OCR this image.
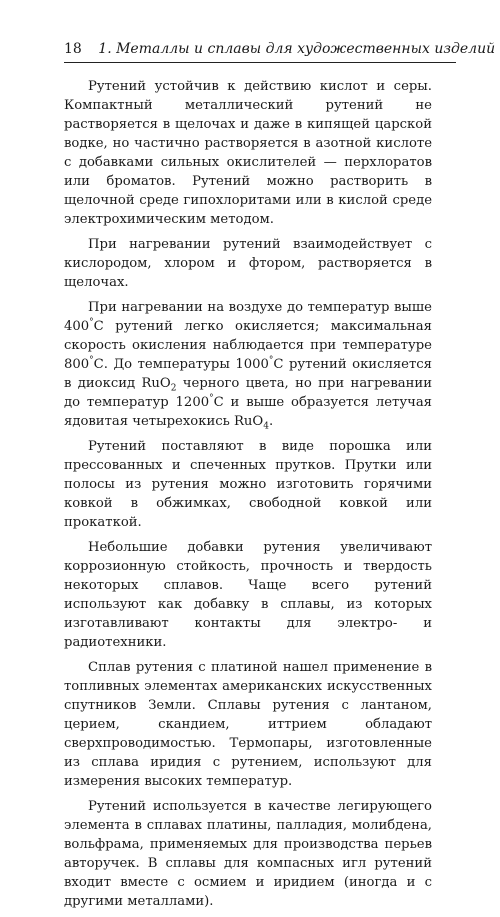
18 1. Металлы и сплавы для художественных изделий

Рутений устойчив к действию кислот и серы. Компактный металлический рутений не растворяется в щелочах и даже в кипящей царской водке, но частично растворяется в азотной кислоте с добавками сильных окислителей — перхлоратов или броматов. Рутений можно растворить в щелочной среде гипохлоритами или в кислой среде электрохимическим методом.

При нагревании рутений взаимодействует с кислородом, хлором и фтором, растворяется в щелочах.

При нагревании на воздухе до температур выше 400°С рутений легко окисляется; максимальная скорость окисления наблюдается при температуре 800°С. До температуры 1000°С рутений окисляется в диоксид RuO$_2$ черного цвета, но при нагревании до температур 1200°С и выше образуется летучая ядовитая четырехокись RuO$_4$.

Рутений поставляют в виде порошка или прессованных и спеченных прутков. Прутки или полосы из рутения можно изготовить горячими ковкой в обжимках, свободной ковкой или прокаткой.

Небольшие добавки рутения увеличивают коррозионную стойкость, прочность и твердость некоторых сплавов. Чаще всего рутений используют как добавку в сплавы, из которых изготавливают контакты для электро- и радиотехники.

Сплав рутения с платиной нашел применение в топливных элементах американских искусственных спутников Земли. Сплавы рутения с лантаном, церием, скандием, иттрием обладают сверхпроводимостью. Термопары, изготовленные из сплава иридия с рутением, используют для измерения высоких температур.

Рутений используется в качестве легирующего элемента в сплавах платины, палладия, молибдена, вольфрама, применяемых для производства перьев авторучек. В сплавы для компасных игл рутений входит вместе с осмием и иридием (иногда и с другими металлами).
